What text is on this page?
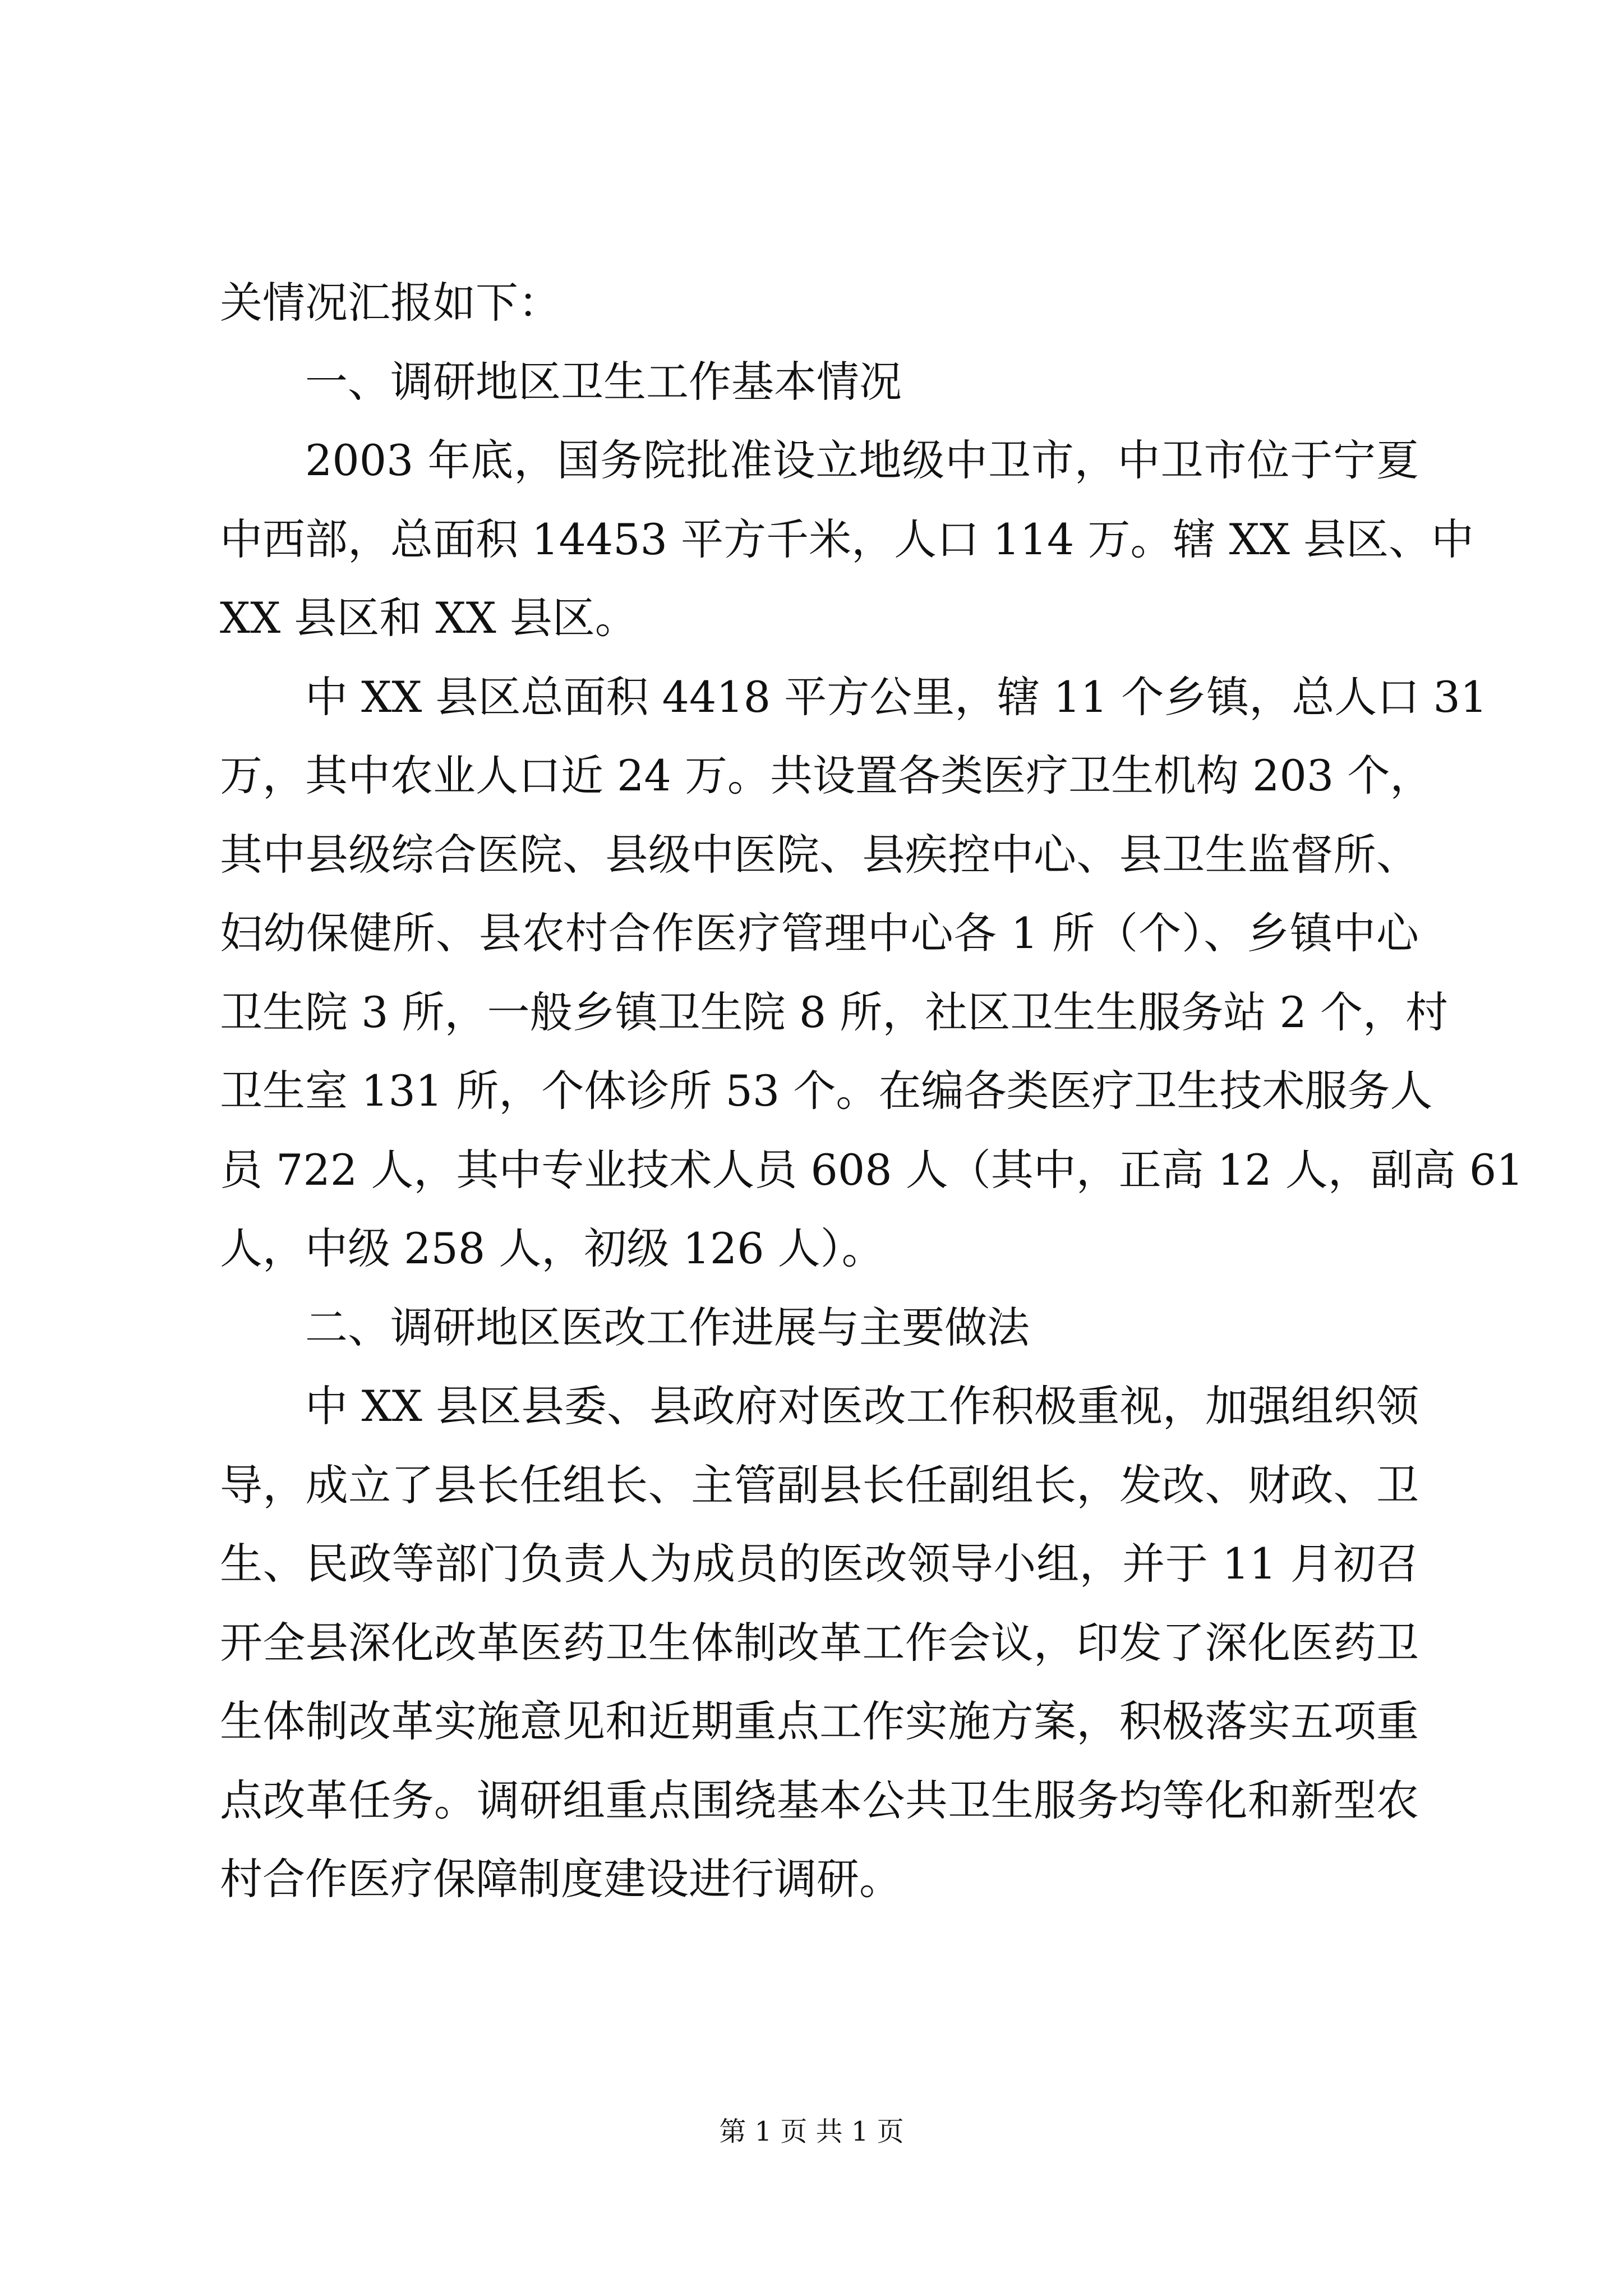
关情况汇报如下：
一、调研地区卫生工作基本情况
2003 年底，国务院批准设立地级中卫市，中卫市位于宁夏
中西部，总面积 14453 平方千米，人口 114 万。辖 XX 县区、中
XX 县区和 XX 县区。
中 XX 县区总面积 4418 平方公里，辖 11 个乡镇，总人口 31
万，其中农业人口近 24 万。共设置各类医疗卫生机构 203 个，
其中县级综合医院、县级中医院、县疾控中心、县卫生监督所、
妇幼保健所、县农村合作医疗管理中心各 1 所（个）、乡镇中心
卫生院 3 所，一般乡镇卫生院 8 所，社区卫生生服务站 2 个，村
卫生室 131 所，个体诊所 53 个。在编各类医疗卫生技术服务人
员 722 人，其中专业技术人员 608 人（其中，正高 12 人，副高 61
人，中级 258 人，初级 126 人）。
二、调研地区医改工作进展与主要做法
中 XX 县区县委、县政府对医改工作积极重视，加强组织领
导，成立了县长任组长、主管副县长任副组长，发改、财政、卫
生、民政等部门负责人为成员的医改领导小组，并于 11 月初召
开全县深化改革医药卫生体制改革工作会议，印发了深化医药卫
生体制改革实施意见和近期重点工作实施方案，积极落实五项重
点改革任务。调研组重点围绕基本公共卫生服务均等化和新型农
村合作医疗保障制度建设进行调研。
第 1 页 共 1 页
